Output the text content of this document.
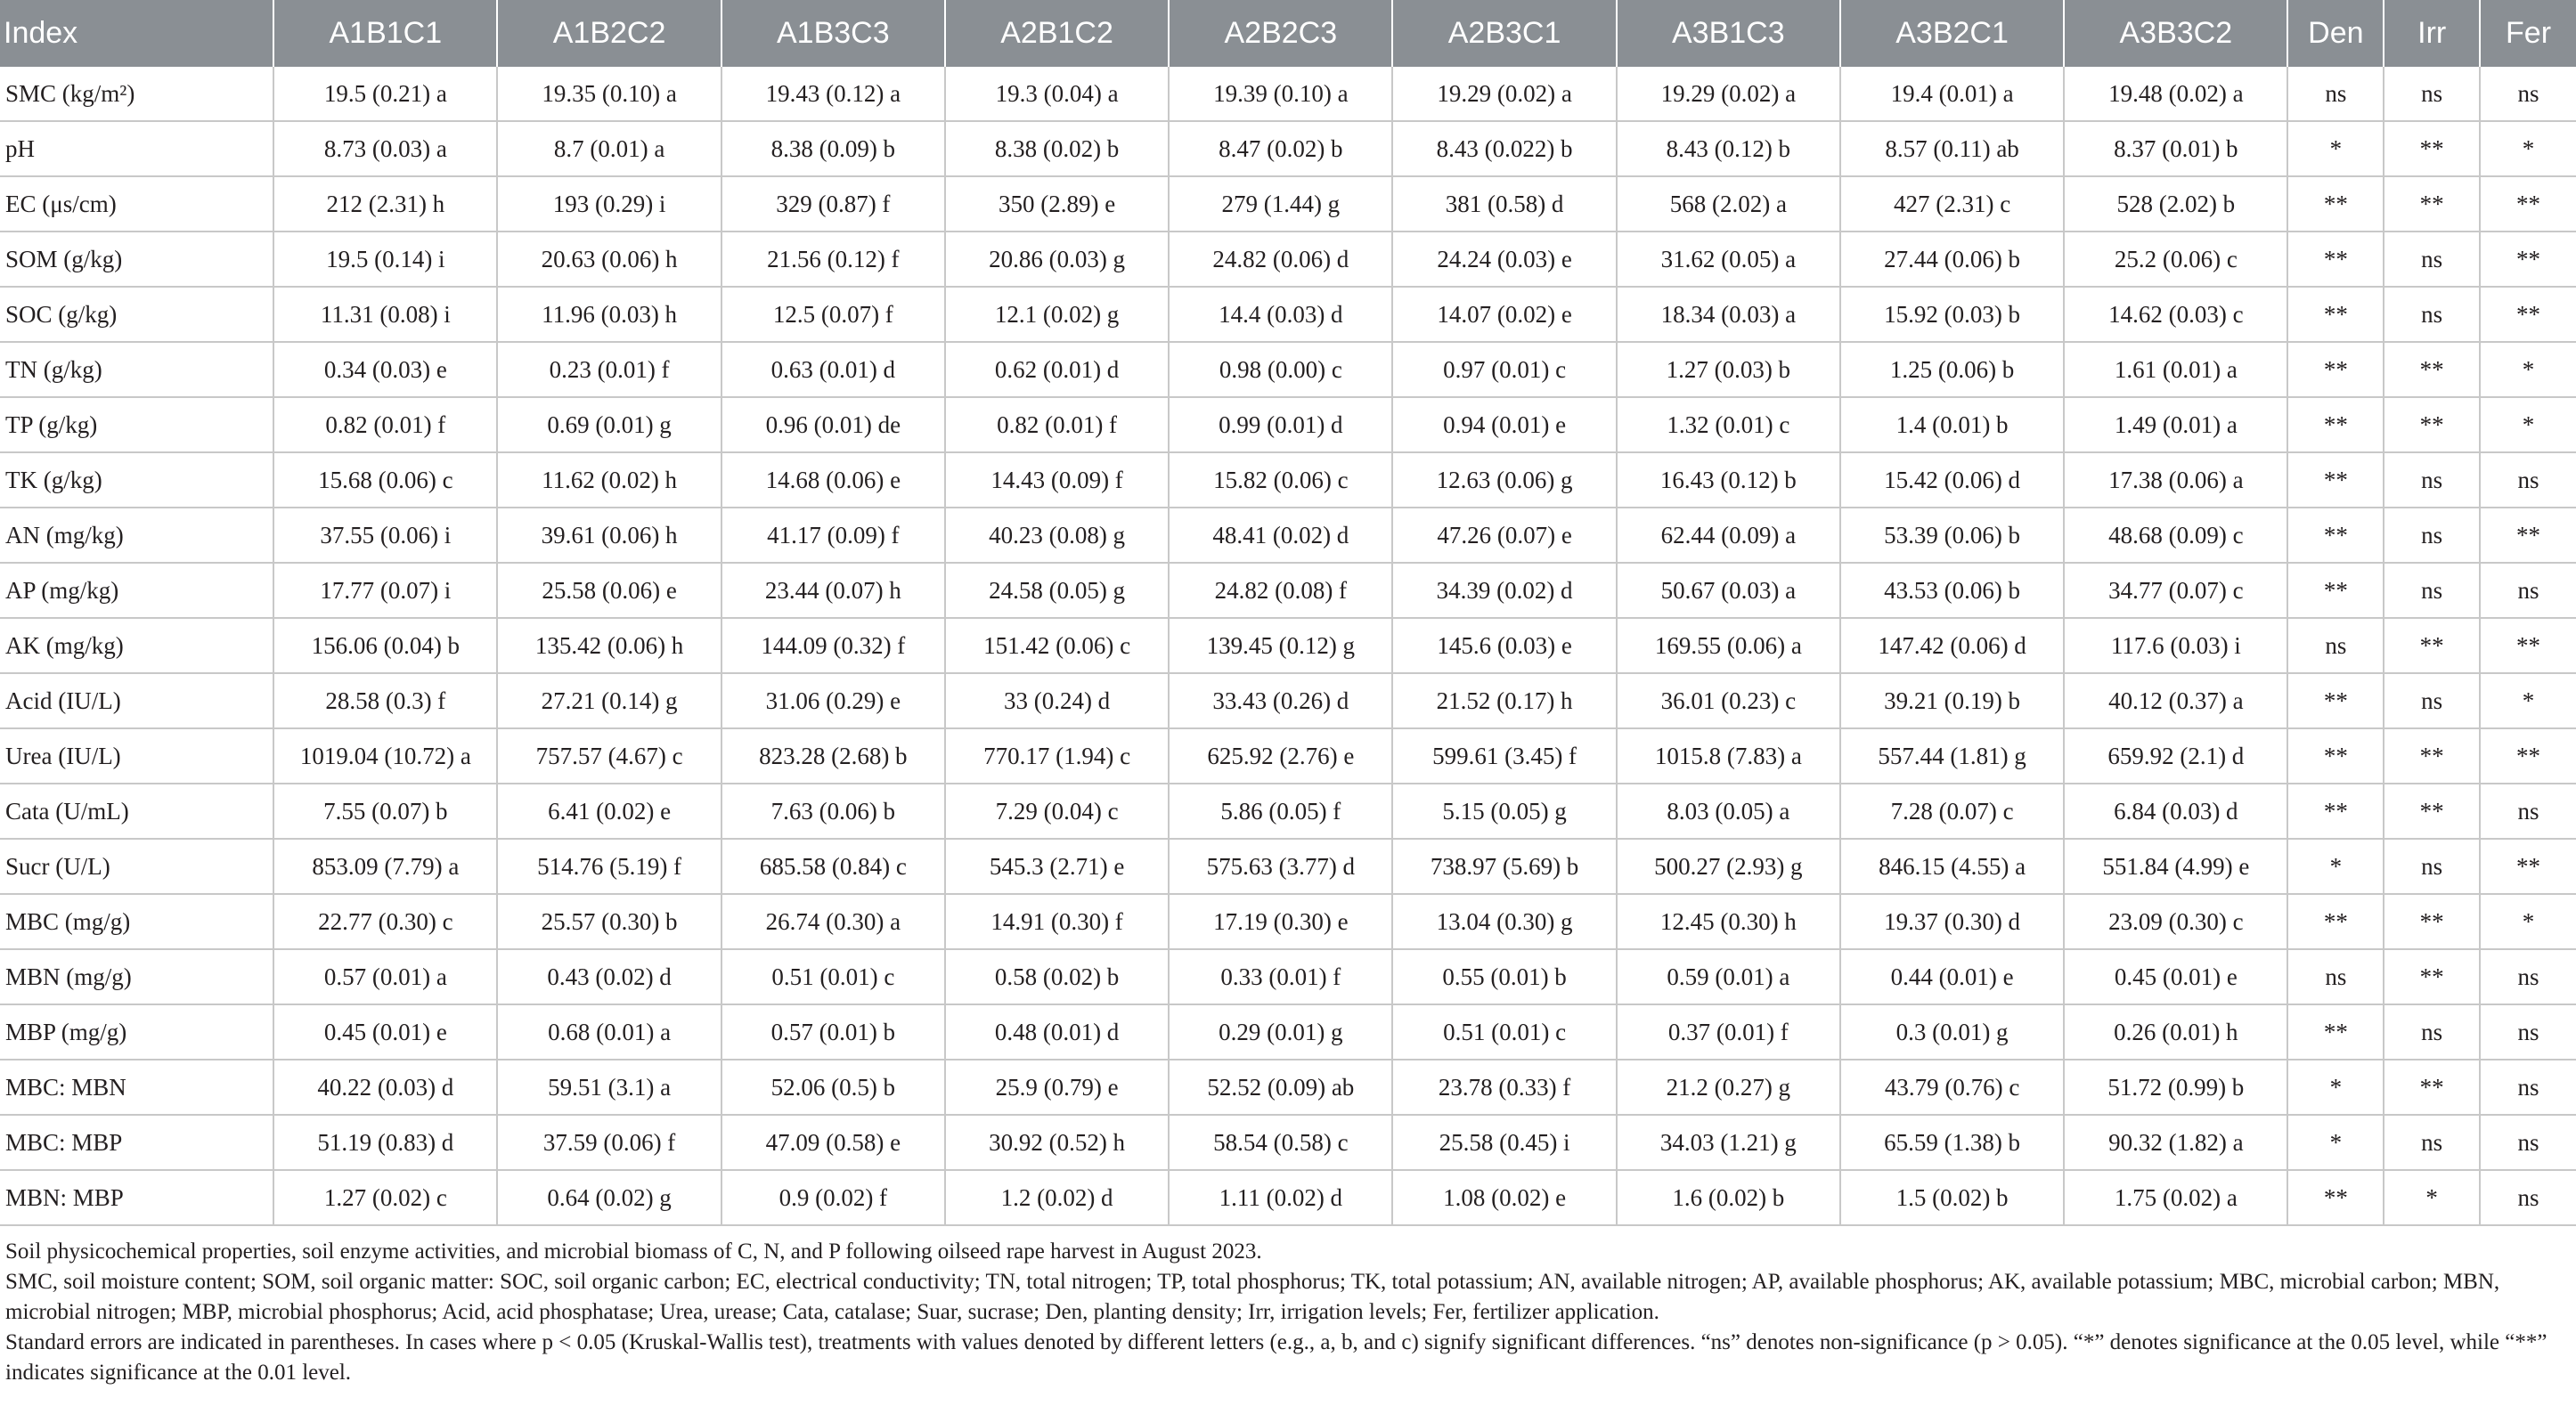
Index	A1B1C1	A1B2C2	A1B3C3	A2B1C2	A2B2C3	A2B3C1	A3B1C3	A3B2C1	A3B3C2	Den	Irr	Fer
SMC (kg/m²)	19.5 (0.21) a	19.35 (0.10) a	19.43 (0.12) a	19.3 (0.04) a	19.39 (0.10) a	19.29 (0.02) a	19.29 (0.02) a	19.4 (0.01) a	19.48 (0.02) a	ns	ns	ns
pH	8.73 (0.03) a	8.7 (0.01) a	8.38 (0.09) b	8.38 (0.02) b	8.47 (0.02) b	8.43 (0.022) b	8.43 (0.12) b	8.57 (0.11) ab	8.37 (0.01) b	*	**	*
EC (μs/cm)	212 (2.31) h	193 (0.29) i	329 (0.87) f	350 (2.89) e	279 (1.44) g	381 (0.58) d	568 (2.02) a	427 (2.31) c	528 (2.02) b	**	**	**
SOM (g/kg)	19.5 (0.14) i	20.63 (0.06) h	21.56 (0.12) f	20.86 (0.03) g	24.82 (0.06) d	24.24 (0.03) e	31.62 (0.05) a	27.44 (0.06) b	25.2 (0.06) c	**	ns	**
SOC (g/kg)	11.31 (0.08) i	11.96 (0.03) h	12.5 (0.07) f	12.1 (0.02) g	14.4 (0.03) d	14.07 (0.02) e	18.34 (0.03) a	15.92 (0.03) b	14.62 (0.03) c	**	ns	**
TN (g/kg)	0.34 (0.03) e	0.23 (0.01) f	0.63 (0.01) d	0.62 (0.01) d	0.98 (0.00) c	0.97 (0.01) c	1.27 (0.03) b	1.25 (0.06) b	1.61 (0.01) a	**	**	*
TP (g/kg)	0.82 (0.01) f	0.69 (0.01) g	0.96 (0.01) de	0.82 (0.01) f	0.99 (0.01) d	0.94 (0.01) e	1.32 (0.01) c	1.4 (0.01) b	1.49 (0.01) a	**	**	*
TK (g/kg)	15.68 (0.06) c	11.62 (0.02) h	14.68 (0.06) e	14.43 (0.09) f	15.82 (0.06) c	12.63 (0.06) g	16.43 (0.12) b	15.42 (0.06) d	17.38 (0.06) a	**	ns	ns
AN (mg/kg)	37.55 (0.06) i	39.61 (0.06) h	41.17 (0.09) f	40.23 (0.08) g	48.41 (0.02) d	47.26 (0.07) e	62.44 (0.09) a	53.39 (0.06) b	48.68 (0.09) c	**	ns	**
AP (mg/kg)	17.77 (0.07) i	25.58 (0.06) e	23.44 (0.07) h	24.58 (0.05) g	24.82 (0.08) f	34.39 (0.02) d	50.67 (0.03) a	43.53 (0.06) b	34.77 (0.07) c	**	ns	ns
AK (mg/kg)	156.06 (0.04) b	135.42 (0.06) h	144.09 (0.32) f	151.42 (0.06) c	139.45 (0.12) g	145.6 (0.03) e	169.55 (0.06) a	147.42 (0.06) d	117.6 (0.03) i	ns	**	**
Acid (IU/L)	28.58 (0.3) f	27.21 (0.14) g	31.06 (0.29) e	33 (0.24) d	33.43 (0.26) d	21.52 (0.17) h	36.01 (0.23) c	39.21 (0.19) b	40.12 (0.37) a	**	ns	*
Urea (IU/L)	1019.04 (10.72) a	757.57 (4.67) c	823.28 (2.68) b	770.17 (1.94) c	625.92 (2.76) e	599.61 (3.45) f	1015.8 (7.83) a	557.44 (1.81) g	659.92 (2.1) d	**	**	**
Cata (U/mL)	7.55 (0.07) b	6.41 (0.02) e	7.63 (0.06) b	7.29 (0.04) c	5.86 (0.05) f	5.15 (0.05) g	8.03 (0.05) a	7.28 (0.07) c	6.84 (0.03) d	**	**	ns
Sucr (U/L)	853.09 (7.79) a	514.76 (5.19) f	685.58 (0.84) c	545.3 (2.71) e	575.63 (3.77) d	738.97 (5.69) b	500.27 (2.93) g	846.15 (4.55) a	551.84 (4.99) e	*	ns	**
MBC (mg/g)	22.77 (0.30) c	25.57 (0.30) b	26.74 (0.30) a	14.91 (0.30) f	17.19 (0.30) e	13.04 (0.30) g	12.45 (0.30) h	19.37 (0.30) d	23.09 (0.30) c	**	**	*
MBN (mg/g)	0.57 (0.01) a	0.43 (0.02) d	0.51 (0.01) c	0.58 (0.02) b	0.33 (0.01) f	0.55 (0.01) b	0.59 (0.01) a	0.44 (0.01) e	0.45 (0.01) e	ns	**	ns
MBP (mg/g)	0.45 (0.01) e	0.68 (0.01) a	0.57 (0.01) b	0.48 (0.01) d	0.29 (0.01) g	0.51 (0.01) c	0.37 (0.01) f	0.3 (0.01) g	0.26 (0.01) h	**	ns	ns
MBC: MBN	40.22 (0.03) d	59.51 (3.1) a	52.06 (0.5) b	25.9 (0.79) e	52.52 (0.09) ab	23.78 (0.33) f	21.2 (0.27) g	43.79 (0.76) c	51.72 (0.99) b	*	**	ns
MBC: MBP	51.19 (0.83) d	37.59 (0.06) f	47.09 (0.58) e	30.92 (0.52) h	58.54 (0.58) c	25.58 (0.45) i	34.03 (1.21) g	65.59 (1.38) b	90.32 (1.82) a	*	ns	ns
MBN: MBP	1.27 (0.02) c	0.64 (0.02) g	0.9 (0.02) f	1.2 (0.02) d	1.11 (0.02) d	1.08 (0.02) e	1.6 (0.02) b	1.5 (0.02) b	1.75 (0.02) a	**	*	ns

Soil physicochemical properties, soil enzyme activities, and microbial biomass of C, N, and P following oilseed rape harvest in August 2023.

SMC, soil moisture content; SOM, soil organic matter: SOC, soil organic carbon; EC, electrical conductivity; TN, total nitrogen; TP, total phosphorus; TK, total potassium; AN, available nitrogen; AP, available phosphorus; AK, available potassium; MBC, microbial carbon; MBN, microbial nitrogen; MBP, microbial phosphorus; Acid, acid phosphatase; Urea, urease; Cata, catalase; Suar, sucrase; Den, planting density; Irr, irrigation levels; Fer, fertilizer application.

Standard errors are indicated in parentheses. In cases where p < 0.05 (Kruskal-Wallis test), treatments with values denoted by different letters (e.g., a, b, and c) signify significant differences. “ns” denotes non-significance (p > 0.05). “*” denotes significance at the 0.05 level, while “**” indicates significance at the 0.01 level.
